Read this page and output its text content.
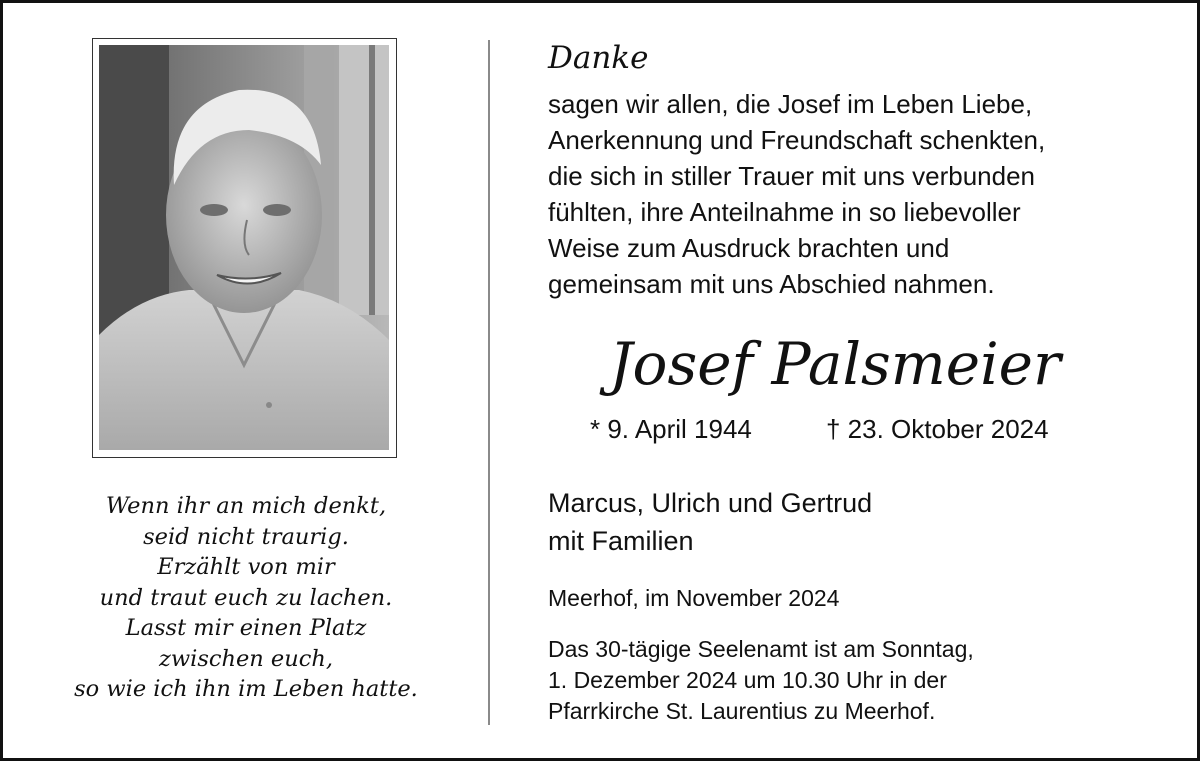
Wenn ihr an mich denkt,
seid nicht traurig.
Erzählt von mir
und traut euch zu lachen.
Lasst mir einen Platz
zwischen euch,
so wie ich ihn im Leben hatte.
Danke
sagen wir allen, die Josef im Leben Liebe,
Anerkennung und Freundschaft schenkten,
die sich in stiller Trauer mit uns verbunden
fühlten, ihre Anteilnahme in so liebevoller
Weise zum Ausdruck brachten und
gemeinsam mit uns Abschied nahmen.
Josef Palsmeier
* 9. April 1944	† 23. Oktober 2024
Marcus, Ulrich und Gertrud
mit Familien
Meerhof, im November 2024
Das 30-tägige Seelenamt ist am Sonntag,
1. Dezember 2024 um 10.30 Uhr in der
Pfarrkirche St. Laurentius zu Meerhof.
